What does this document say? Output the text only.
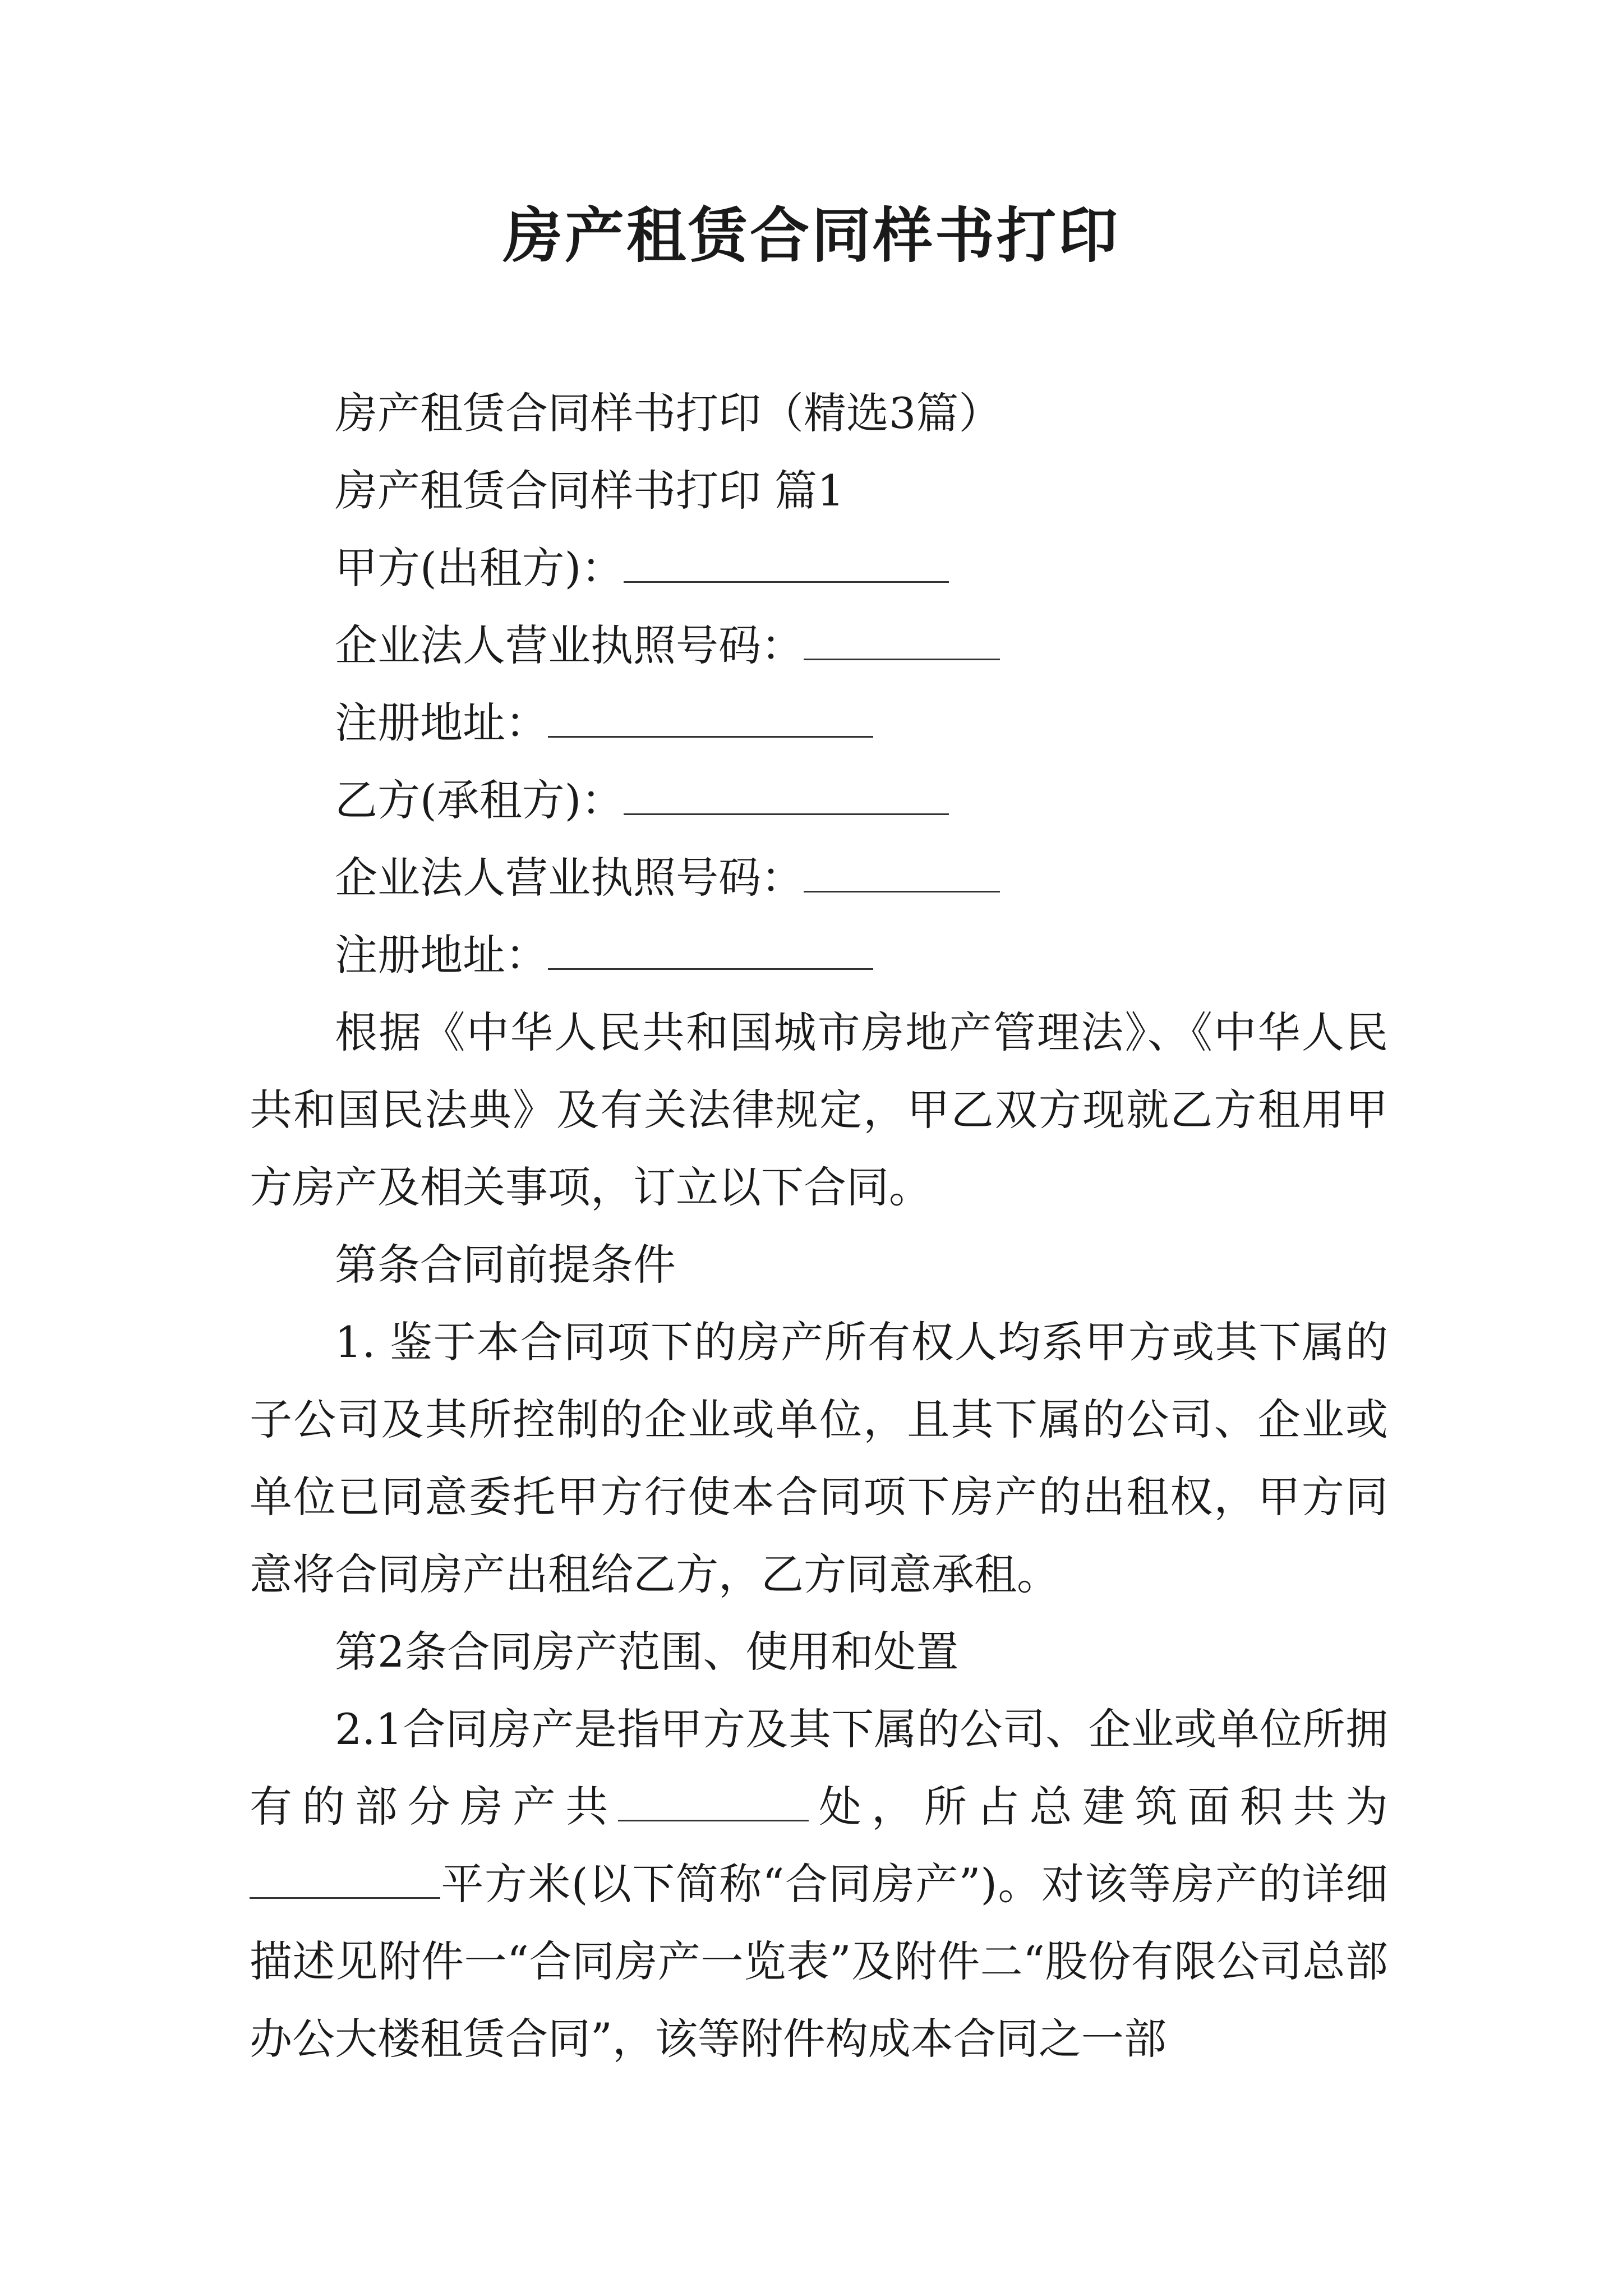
房产租赁合同样书打印

房产租赁合同样书打印（精选3篇）

房产租赁合同样书打印 篇1

甲方(出租方)：

企业法人营业执照号码：

注册地址：

乙方(承租方)：

企业法人营业执照号码：

注册地址：

根据《中华人民共和国城市房地产管理法》、《中华人民共和国民法典》及有关法律规定，甲乙双方现就乙方租用甲方房产及相关事项，订立以下合同。

第条合同前提条件

1. 鉴于本合同项下的房产所有权人均系甲方或其下属的子公司及其所控制的企业或单位，且其下属的公司、企业或单位已同意委托甲方行使本合同项下房产的出租权，甲方同意将合同房产出租给乙方，乙方同意承租。

第2条合同房产范围、使用和处置

2.1合同房产是指甲方及其下属的公司、企业或单位所拥有的部分房产共	处，所占总建筑面积共为平方米(以下简称“合同房产”)。对该等房产的详细描述见附件一“合同房产一览表”及附件二“股份有限公司总部办公大楼租赁合同”，该等附件构成本合同之一部
